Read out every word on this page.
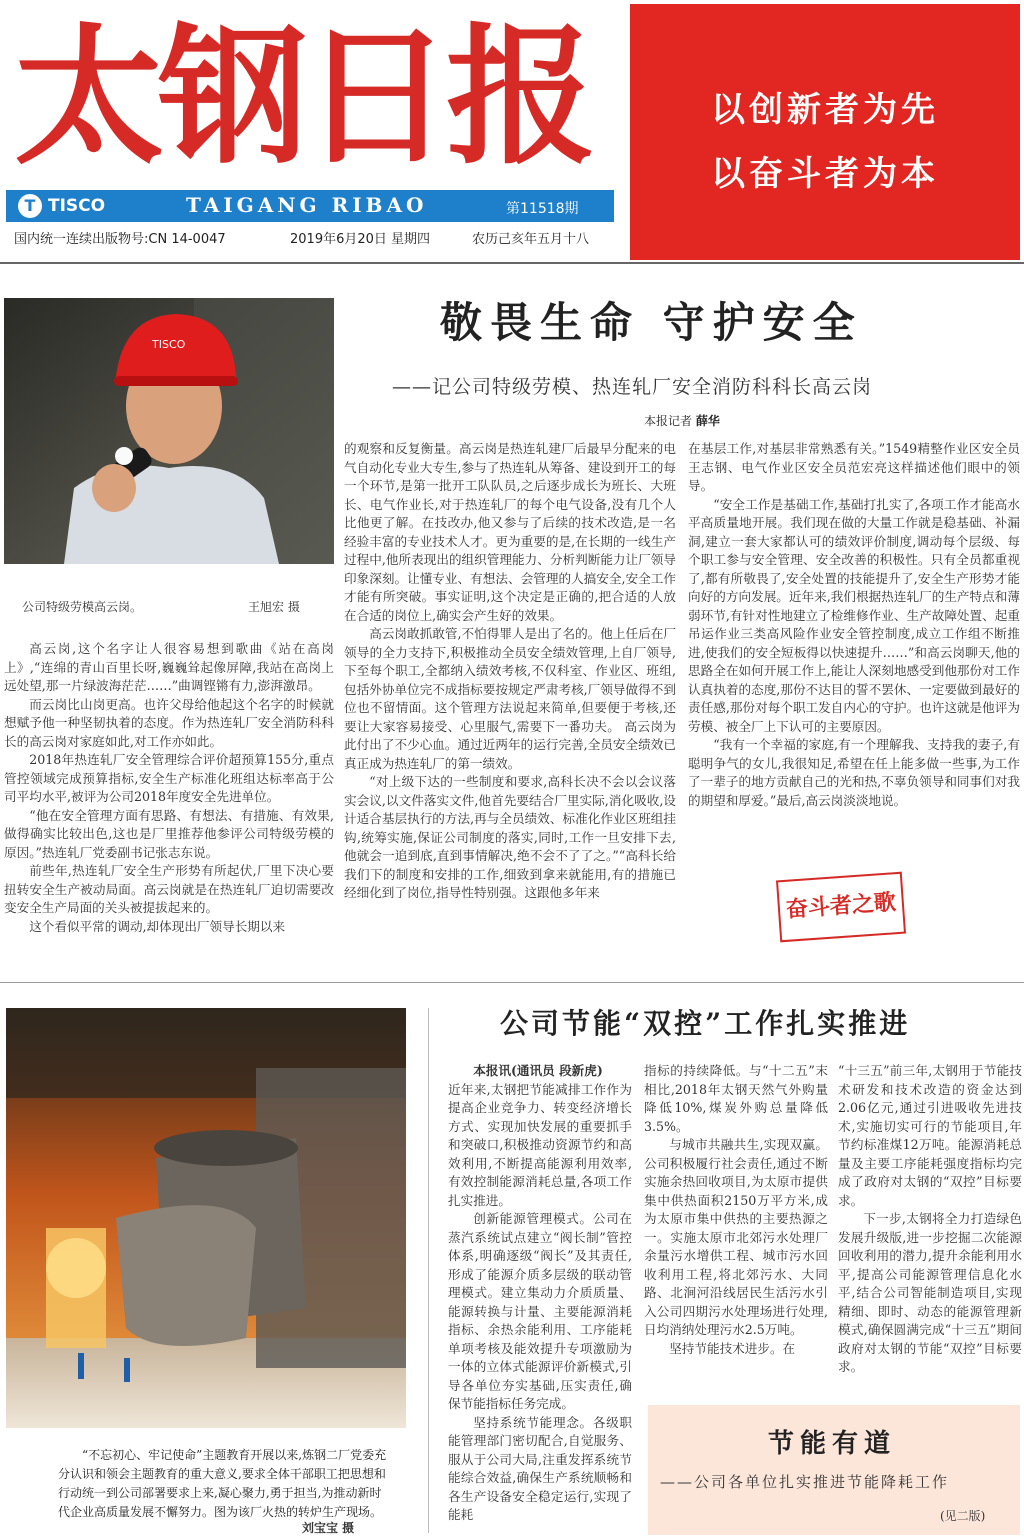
太钢日报	以创新者为先
以奋斗者为本
T TISCO	TAIGANG RIBAO	第11518期
国内统一连续出版物号:CN 14-0047	2019年6月20日 星期四	农历己亥年五月十八
TISCO
公司特级劳模高云岗。	王旭宏 摄
敬畏生命 守护安全
——记公司特级劳模、热连轧厂安全消防科科长高云岗
本报记者 薛华

高云岗,这个名字让人很容易想到歌曲《站在高岗上》,“连绵的青山百里长呀,巍巍耸起像屏障,我站在高岗上远处望,那一片绿波海茫茫……”曲调铿锵有力,澎湃激昂。

而云岗比山岗更高。也许父母给他起这个名字的时候就想赋予他一种坚韧执着的态度。作为热连轧厂安全消防科科长的高云岗对家庭如此,对工作亦如此。

2018年热连轧厂安全管理综合评价超预算155分,重点管控领域完成预算指标,安全生产标准化班组达标率高于公司平均水平,被评为公司2018年度安全先进单位。

“他在安全管理方面有思路、有想法、有措施、有效果,做得确实比较出色,这也是厂里推荐他参评公司特级劳模的原因。”热连轧厂党委副书记张志东说。

前些年,热连轧厂安全生产形势有所起伏,厂里下决心要扭转安全生产被动局面。高云岗就是在热连轧厂迫切需要改变安全生产局面的关头被提拔起来的。

这个看似平常的调动,却体现出厂领导长期以来

的观察和反复衡量。高云岗是热连轧建厂后最早分配来的电气自动化专业大专生,参与了热连轧从筹备、建设到开工的每一个环节,是第一批开工队队员,之后逐步成长为班长、大班长、电气作业长,对于热连轧厂的每个电气设备,没有几个人比他更了解。在技改办,他又参与了后续的技术改造,是一名经验丰富的专业技术人才。更为重要的是,在长期的一线生产过程中,他所表现出的组织管理能力、分析判断能力让厂领导印象深刻。让懂专业、有想法、会管理的人搞安全,安全工作才能有所突破。事实证明,这个决定是正确的,把合适的人放在合适的岗位上,确实会产生好的效果。

高云岗敢抓敢管,不怕得罪人是出了名的。他上任后在厂领导的全力支持下,积极推动全员安全绩效管理,上自厂领导,下至每个职工,全都纳入绩效考核,不仅科室、作业区、班组,包括外协单位完不成指标要按规定严肃考核,厂领导做得不到位也不留情面。这个管理方法说起来简单,但要便于考核,还要让大家容易接受、心里服气,需要下一番功夫。 高云岗为此付出了不少心血。通过近两年的运行完善,全员安全绩效已真正成为热连轧厂的第一绩效。

“对上级下达的一些制度和要求,高科长决不会以会议落实会议,以文件落实文件,他首先要结合厂里实际,消化吸收,设计适合基层执行的方法,再与全员绩效、标准化作业区班组挂钩,统筹实施,保证公司制度的落实,同时,工作一旦安排下去,他就会一追到底,直到事情解决,绝不会不了了之。”“高科长给我们下的制度和安排的工作,细致到拿来就能用,有的措施已经细化到了岗位,指导性特别强。这跟他多年来

在基层工作,对基层非常熟悉有关。”1549精整作业区安全员王志钢、电气作业区安全员范宏亮这样描述他们眼中的领导。

“安全工作是基础工作,基础打扎实了,各项工作才能高水平高质量地开展。我们现在做的大量工作就是稳基础、补漏洞,建立一套大家都认可的绩效评价制度,调动每个层级、每个职工参与安全管理、安全改善的积极性。只有全员都重视了,都有所敬畏了,安全处置的技能提升了,安全生产形势才能向好的方向发展。近年来,我们根据热连轧厂的生产特点和薄弱环节,有针对性地建立了检维修作业、生产故障处置、起重吊运作业三类高风险作业安全管控制度,成立工作组不断推进,使我们的安全短板得以快速提升……”和高云岗聊天,他的思路全在如何开展工作上,能让人深刻地感受到他那份对工作认真执着的态度,那份不达目的誓不罢休、一定要做到最好的责任感,那份对每个职工发自内心的守护。也许这就是他评为劳模、被全厂上下认可的主要原因。

“我有一个幸福的家庭,有一个理解我、支持我的妻子,有聪明争气的女儿,我很知足,希望在任上能多做一些事,为工作了一辈子的地方贡献自己的光和热,不辜负领导和同事们对我的期望和厚爱。”最后,高云岗淡淡地说。

奋斗者之歌
“不忘初心、牢记使命”主题教育开展以来,炼钢二厂党委充分认识和领会主题教育的重大意义,要求全体干部职工把思想和行动统一到公司部署要求上来,凝心聚力,勇于担当,为推动新时代企业高质量发展不懈努力。图为该厂火热的转炉生产现场。
刘宝宝 摄
公司节能“双控”工作扎实推进

本报讯(通讯员 段新虎)

近年来,太钢把节能减排工作作为提高企业竞争力、转变经济增长方式、实现加快发展的重要抓手和突破口,积极推动资源节约和高效利用,不断提高能源利用效率,有效控制能源消耗总量,各项工作扎实推进。

创新能源管理模式。公司在蒸汽系统试点建立“阀长制”管控体系,明确逐级“阀长”及其责任,形成了能源介质多层级的联动管理模式。建立集动力介质质量、能源转换与计量、主要能源消耗指标、余热余能利用、工序能耗单项考核及能效提升专项激励为一体的立体式能源评价新模式,引导各单位夯实基础,压实责任,确保节能指标任务完成。

坚持系统节能理念。各级职能管理部门密切配合,自觉服务、服从于公司大局,注重发挥系统节能综合效益,确保生产系统顺畅和各生产设备安全稳定运行,实现了能耗

指标的持续降低。与“十二五”末相比,2018年太钢天然气外购量降低10%,煤炭外购总量降低3.5%。

与城市共融共生,实现双赢。公司积极履行社会责任,通过不断实施余热回收项目,为太原市提供集中供热面积2150万平方米,成为太原市集中供热的主要热源之一。实施太原市北郊污水处理厂余量污水增供工程、城市污水回收利用工程,将北郊污水、大同路、北涧河沿线居民生活污水引入公司四期污水处理场进行处理,日均消纳处理污水2.5万吨。

坚持节能技术进步。在

“十三五”前三年,太钢用于节能技术研发和技术改造的资金达到2.06亿元,通过引进吸收先进技术,实施切实可行的节能项目,年节约标准煤12万吨。能源消耗总量及主要工序能耗强度指标均完成了政府对太钢的“双控”目标要求。

下一步,太钢将全力打造绿色发展升级版,进一步挖掘二次能源回收利用的潜力,提升余能利用水平,提高公司能源管理信息化水平,结合公司智能制造项目,实现精细、即时、动态的能源管理新模式,确保圆满完成“十三五”期间政府对太钢的节能“双控”目标要求。

节能有道
——公司各单位扎实推进节能降耗工作
(见二版)
